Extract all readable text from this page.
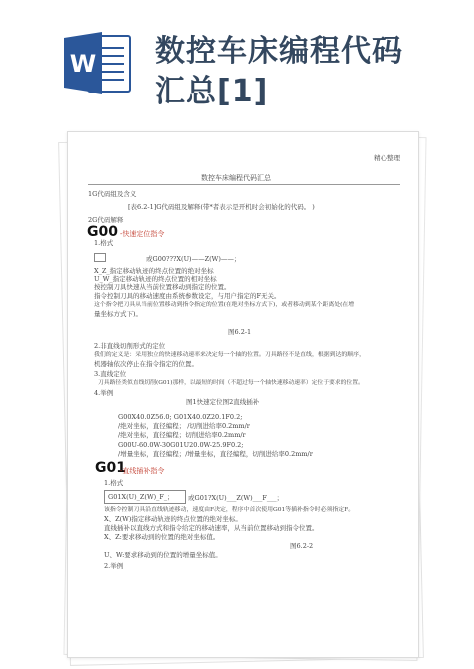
W 数控车床编程代码
汇总[1]
精心整理
数控车床编程代码汇总
1G代码组及含义
[表6.2-1]G代码组及解释(带*者表示是开机时会初始化的代码。 )
2G代码解释
G00 -快速定位指令
1.格式
或G00???X(U)——Z(W)——；
X_Z_指定移动轨迹的终点位置的绝对坐标
U_W_指定移动轨迹的终点位置的相对坐标
按控制刀具快速从当前位置移动到指定的位置。
指令控制刀具的移动速度由系统参数设定，与用户指定的F无关。
这个指令把刀具从当前位置移动到指令指定的位置(在绝对坐标方式下)，或者移动到某个距离处(在增
量坐标方式下)。
图6.2-1
2.非直线切削形式的定位
我们的定义是：采用独立的快速移动速率来决定每一个轴的位置。刀具路径不是直线，根据到达的顺序，
机器轴依次停止在指令指定的位置。
3.直线定位
刀具路径类似直线切削(G01)那样，以最短的时间（不超过每一个轴快速移动速率）定位于要求的位置。
4.举例
图1快速定位图2直线插补
G00X40.0Z56.0; G01X40.0Z20.1F0.2;
/绝对坐标，直径编程； /切削进给率0.2mm/r
/绝对坐标，直径编程；切削进给率0.2mm/r
G00U-60.0W-30G01U20.0W-25.9F0.2;
/增量坐标，直径编程；/增量坐标，直径编程，切削进给率0.2mm/r
G01
-直线插补指令
1.格式
G01X(U)_Z(W)_F_； 或G01?X(U)___Z(W)___F___；
该指令控制刀具沿直线轨迹移动，速度由F决定，程序中首次使用G01等插补指令时必须指定F。
X、Z(W)指定移动轨迹的终点位置的绝对坐标。
直线插补以直线方式和指令给定的移动速率，从当前位置移动到指令位置。
X、Z:要求移动到的位置的绝对坐标值。
图6.2-2
U、W:要求移动到的位置的增量坐标值。
2.举例
